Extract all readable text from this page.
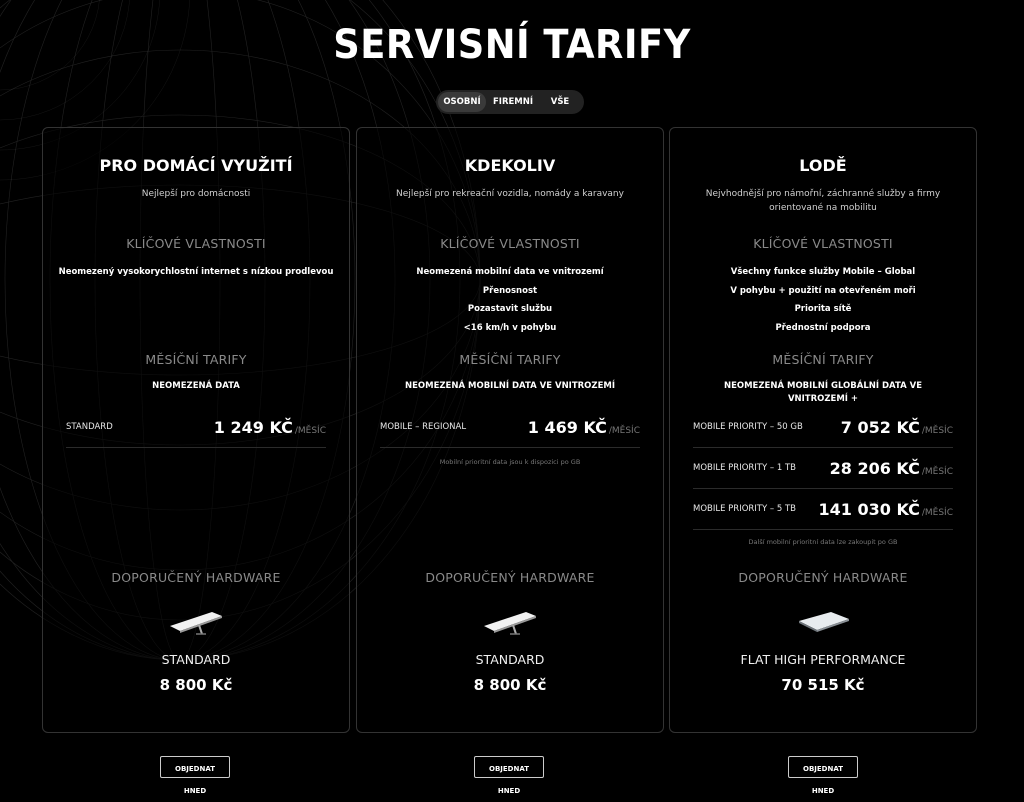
SERVISNÍ TARIFY
OSOBNÍ	FIREMNÍ	VŠE
PRO DOMÁCÍ VYUŽITÍ
Nejlepší pro domácnosti
KLÍČOVÉ VLASTNOSTI
Neomezený vysokorychlostní internet s nízkou prodlevou
MĚSÍČNÍ TARIFY
NEOMEZENÁ DATA
STANDARD	1 249 KČ /MĚSÍC
DOPORUČENÝ HARDWARE
STANDARD
8 800 Kč
KDEKOLIV
Nejlepší pro rekreační vozidla, nomády a karavany
KLÍČOVÉ VLASTNOSTI
Neomezená mobilní data ve vnitrozemí
Přenosnost
Pozastavit službu
<16 km/h v pohybu
MĚSÍČNÍ TARIFY
NEOMEZENÁ MOBILNÍ DATA VE VNITROZEMÍ
MOBILE – REGIONAL	1 469 KČ /MĚSÍC
Mobilní prioritní data jsou k dispozici po GB
DOPORUČENÝ HARDWARE
STANDARD
8 800 Kč
LODĚ
Nejvhodnější pro námořní, záchranné služby a firmy orientované na mobilitu
KLÍČOVÉ VLASTNOSTI
Všechny funkce služby Mobile – Global
V pohybu + použití na otevřeném moři
Priorita sítě
Přednostní podpora
MĚSÍČNÍ TARIFY
NEOMEZENÁ MOBILNÍ GLOBÁLNÍ DATA VE VNITROZEMÍ +
MOBILE PRIORITY – 50 GB 7 052 KČ /MĚSÍC
MOBILE PRIORITY – 1 TB 28 206 KČ /MĚSÍC
MOBILE PRIORITY – 5 TB 141 030 KČ /MĚSÍC
Další mobilní prioritní data lze zakoupit po GB
DOPORUČENÝ HARDWARE
FLAT HIGH PERFORMANCE
70 515 Kč
OBJEDNAT HNED
OBJEDNAT HNED
OBJEDNAT HNED
